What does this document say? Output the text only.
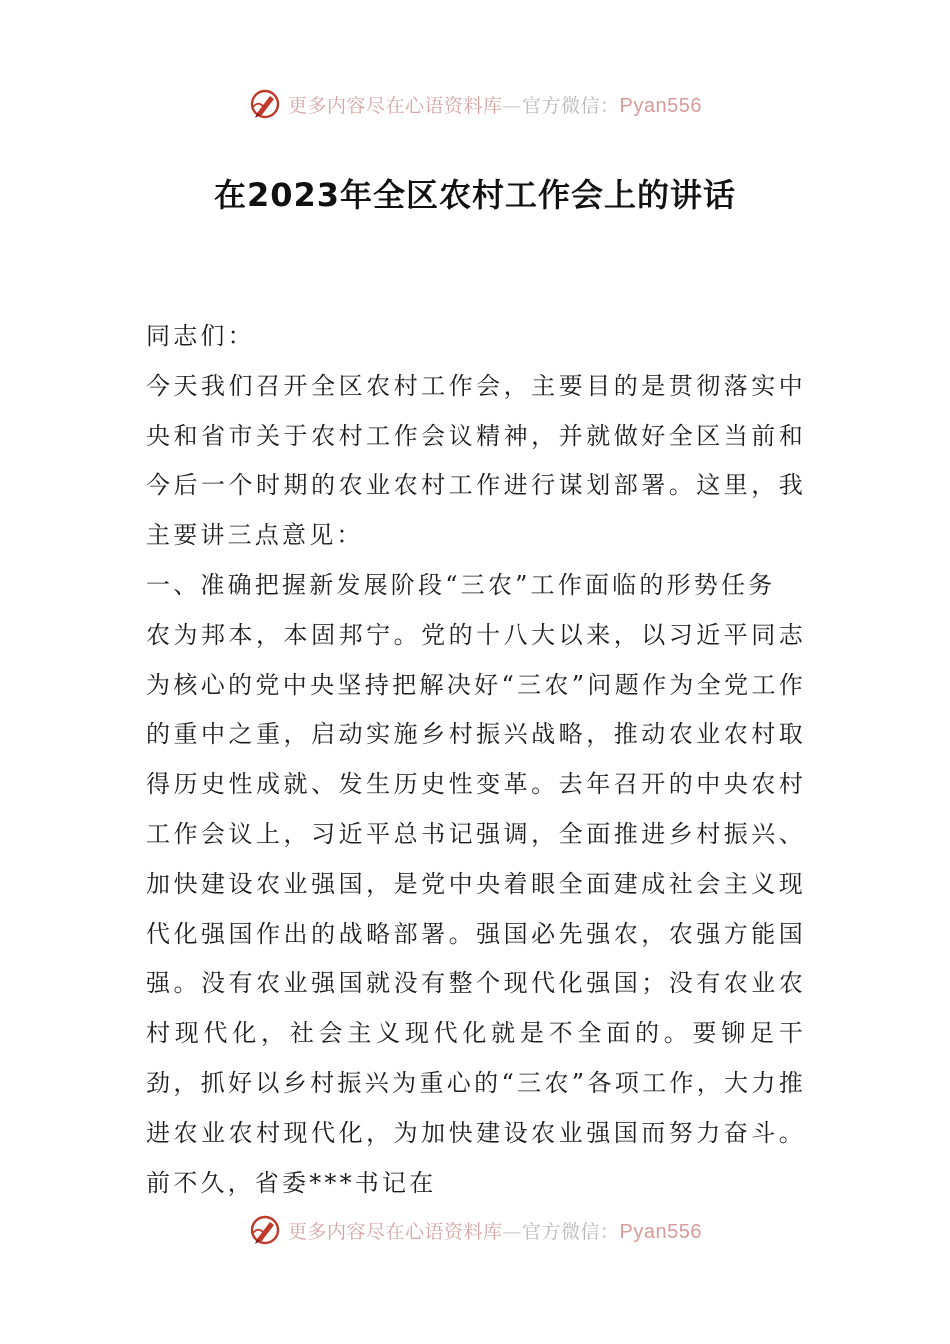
更多内容尽在心语资料库—官方微信：Pyan556
在2023年全区农村工作会上的讲话

同志们：

今天我们召开全区农村工作会，主要目的是贯彻落实中央和省市关于农村工作会议精神，并就做好全区当前和今后一个时期的农业农村工作进行谋划部署。这里，我主要讲三点意见：

一、准确把握新发展阶段“三农”工作面临的形势任务

农为邦本，本固邦宁。党的十八大以来，以习近平同志为核心的党中央坚持把解决好“三农”问题作为全党工作的重中之重，启动实施乡村振兴战略，推动农业农村取得历史性成就、发生历史性变革。去年召开的中央农村工作会议上，习近平总书记强调，全面推进乡村振兴、加快建设农业强国，是党中央着眼全面建成社会主义现代化强国作出的战略部署。强国必先强农，农强方能国强。没有农业强国就没有整个现代化强国；没有农业农村现代化，社会主义现代化就是不全面的。要铆足干劲，抓好以乡村振兴为重心的“三农”各项工作，大力推进农业农村现代化，为加快建设农业强国而努力奋斗。前不久，省委***书记在

更多内容尽在心语资料库—官方微信：Pyan556
